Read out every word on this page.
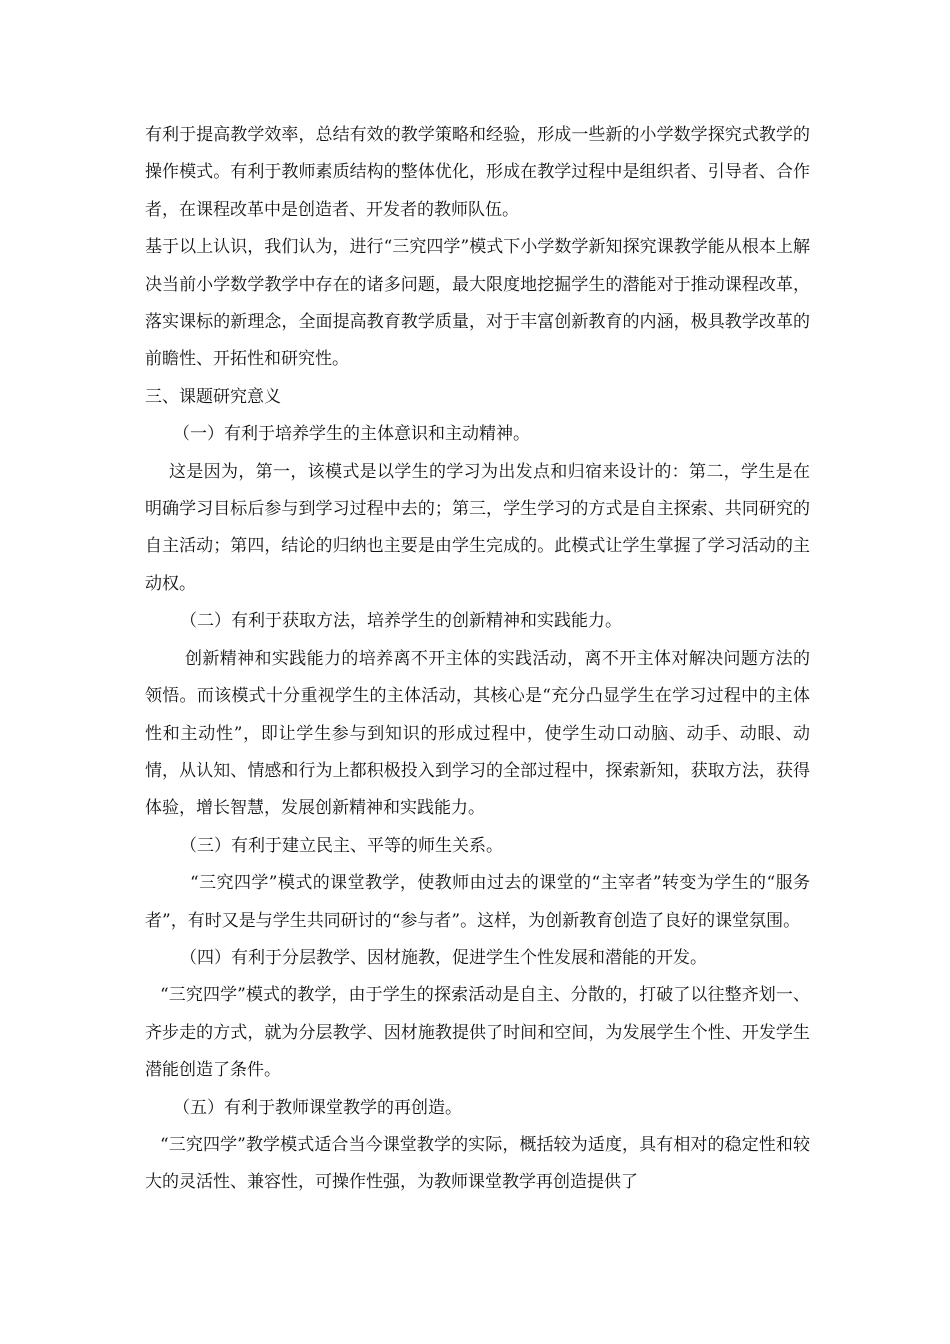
有利于提高教学效率，总结有效的教学策略和经验，形成一些新的小学数学探究式教学的操作模式。有利于教师素质结构的整体优化，形成在教学过程中是组织者、引导者、合作者，在课程改革中是创造者、开发者的教师队伍。

基于以上认识，我们认为，进行“三究四学”模式下小学数学新知探究课教学能从根本上解决当前小学数学教学中存在的诸多问题，最大限度地挖掘学生的潜能对于推动课程改革，落实课标的新理念，全面提高教育教学质量，对于丰富创新教育的内涵，极具教学改革的前瞻性、开拓性和研究性。

三、课题研究意义

（一）有利于培养学生的主体意识和主动精神。

这是因为，第一，该模式是以学生的学习为出发点和归宿来设计的：第二，学生是在明确学习目标后参与到学习过程中去的；第三，学生学习的方式是自主探索、共同研究的自主活动；第四，结论的归纳也主要是由学生完成的。此模式让学生掌握了学习活动的主动权。

（二）有利于获取方法，培养学生的创新精神和实践能力。

创新精神和实践能力的培养离不开主体的实践活动，离不开主体对解决问题方法的领悟。而该模式十分重视学生的主体活动，其核心是“充分凸显学生在学习过程中的主体性和主动性”，即让学生参与到知识的形成过程中，使学生动口动脑、动手、动眼、动情，从认知、情感和行为上都积极投入到学习的全部过程中，探索新知，获取方法，获得体验，增长智慧，发展创新精神和实践能力。

（三）有利于建立民主、平等的师生关系。

“三究四学”模式的课堂教学，使教师由过去的课堂的“主宰者”转变为学生的“服务者”，有时又是与学生共同研讨的“参与者”。这样，为创新教育创造了良好的课堂氛围。

（四）有利于分层教学、因材施教，促进学生个性发展和潜能的开发。

“三究四学”模式的教学，由于学生的探索活动是自主、分散的，打破了以往整齐划一、齐步走的方式，就为分层教学、因材施教提供了时间和空间，为发展学生个性、开发学生潜能创造了条件。

（五）有利于教师课堂教学的再创造。

“三究四学”教学模式适合当今课堂教学的实际，概括较为适度，具有相对的稳定性和较大的灵活性、兼容性，可操作性强，为教师课堂教学再创造提供了
